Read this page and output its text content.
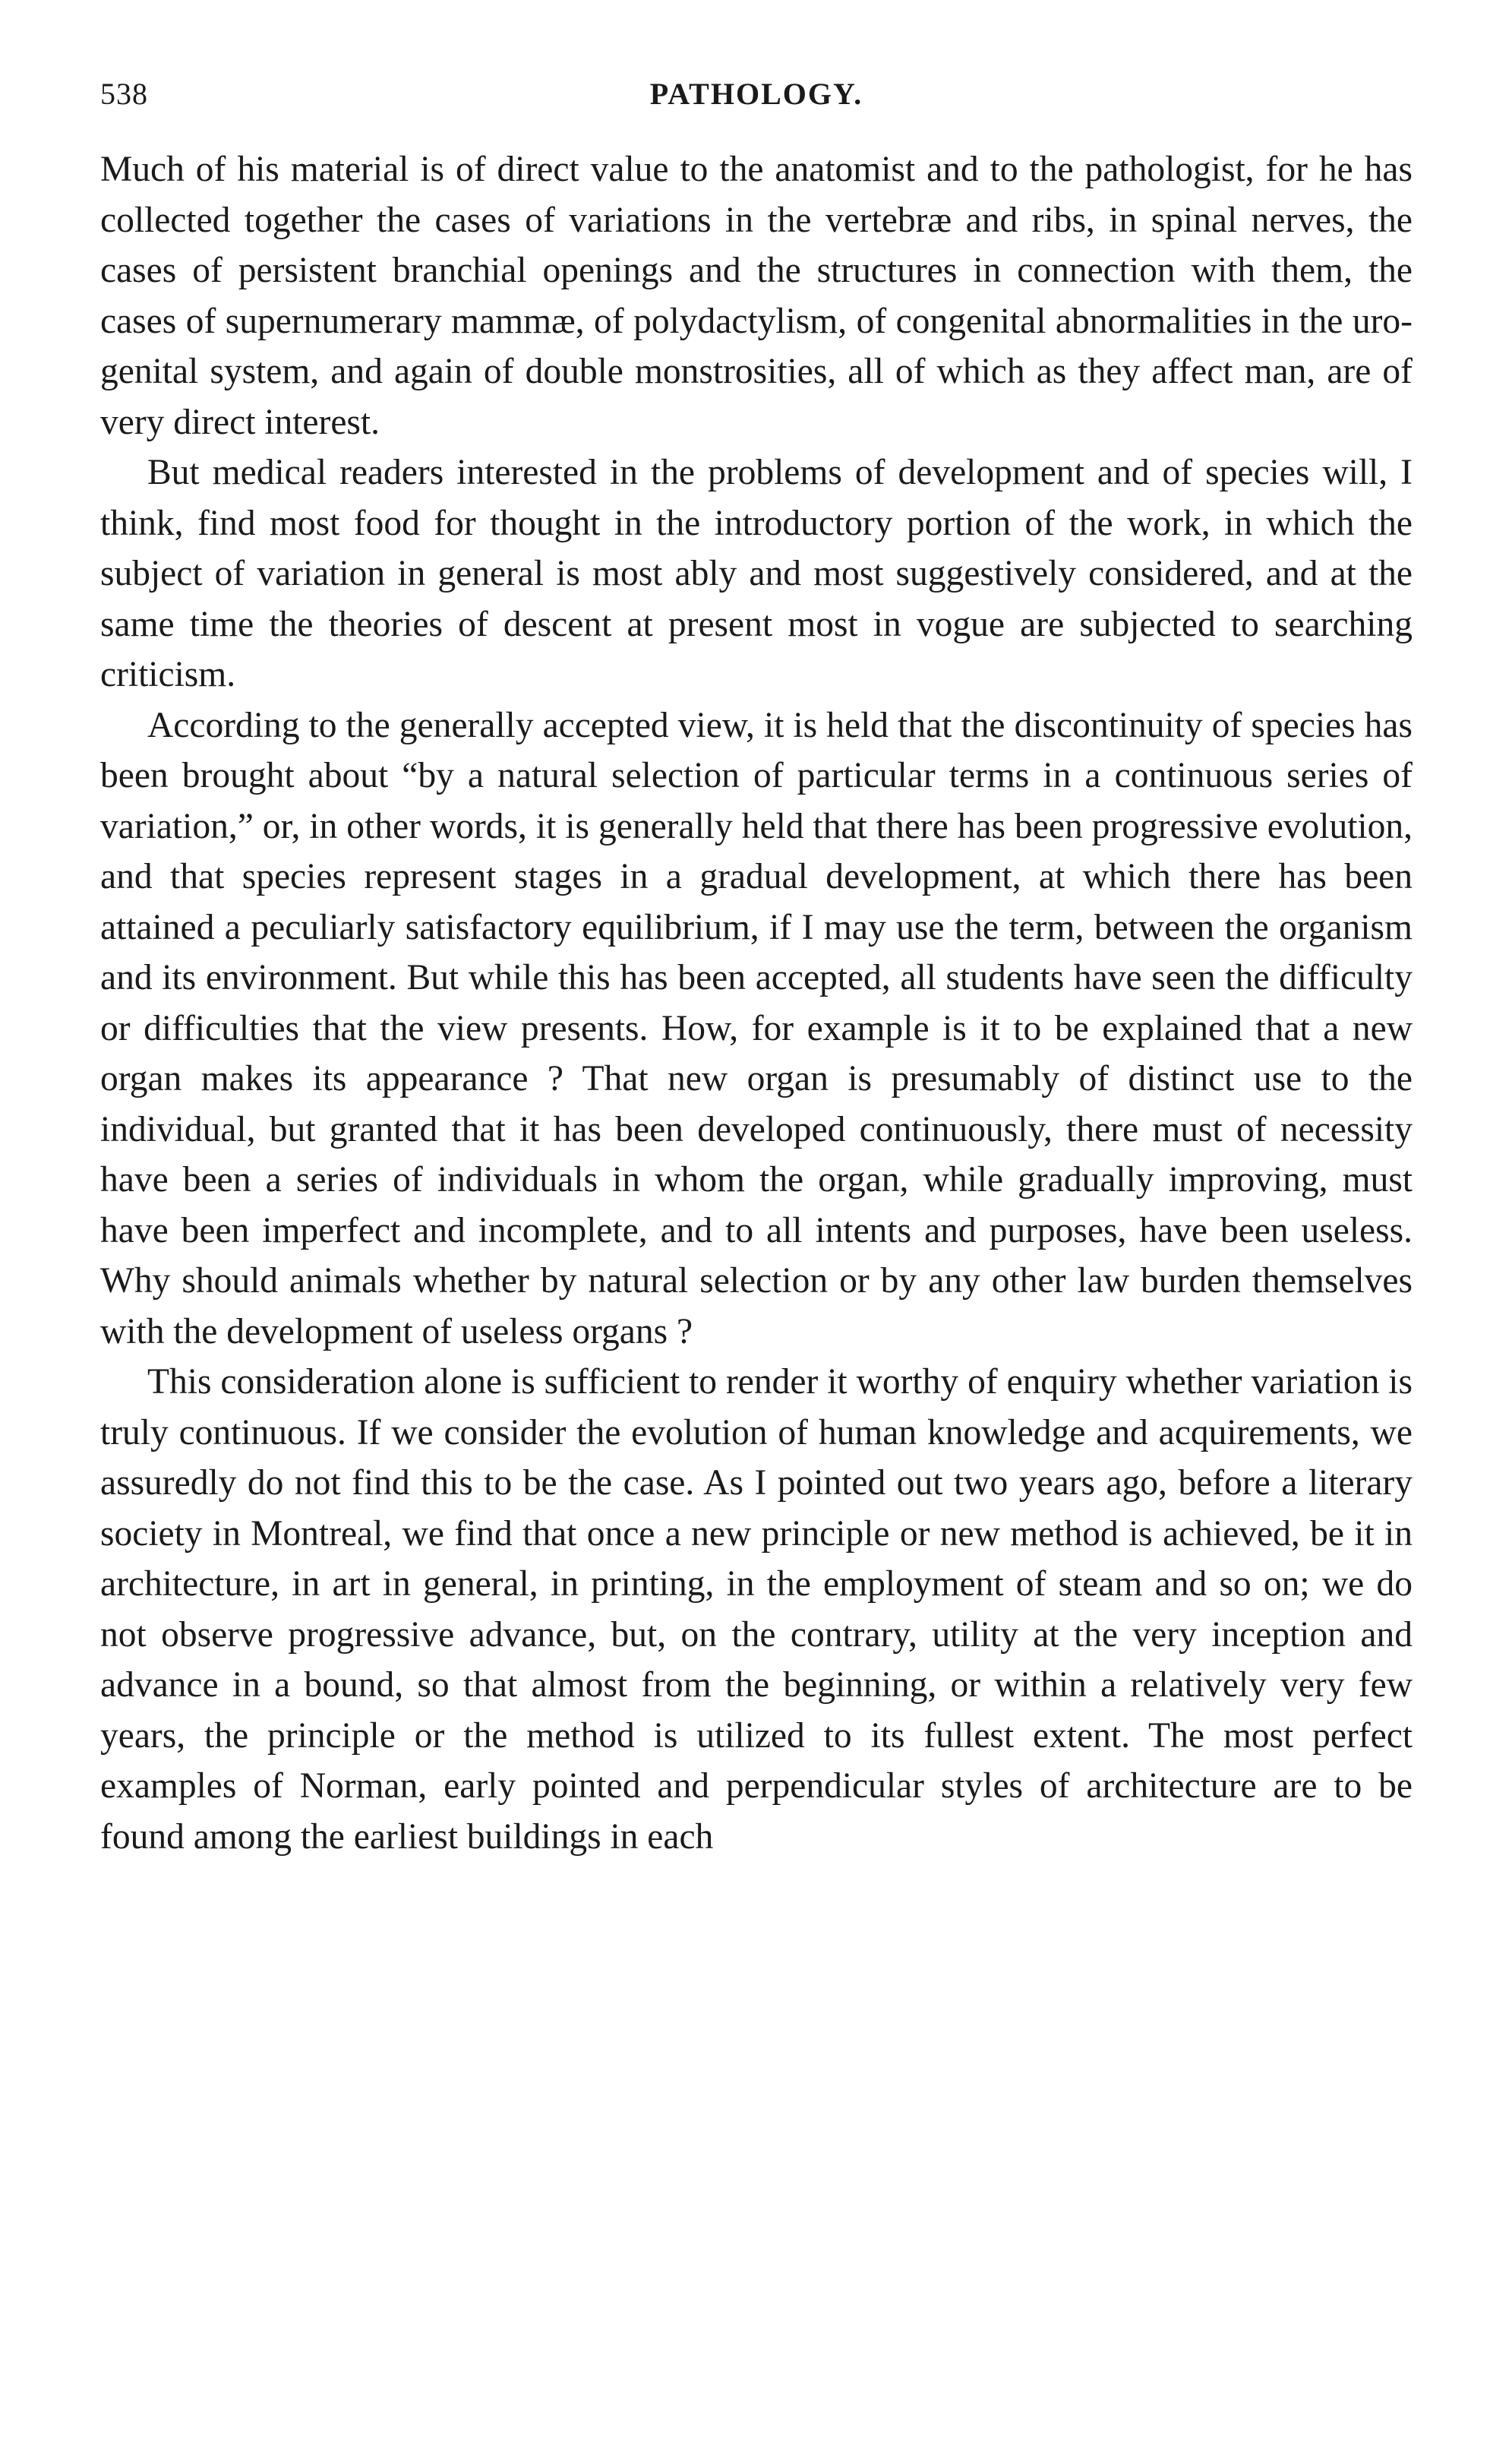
538	PATHOLOGY.

Much of his material is of direct value to the anatomist and to the pathologist, for he has collected together the cases of variations in the vertebræ and ribs, in spinal nerves, the cases of persistent branchial openings and the structures in connection with them, the cases of supernumerary mammæ, of polydactylism, of congenital abnormalities in the uro-genital system, and again of double monstrosities, all of which as they affect man, are of very direct interest.

But medical readers interested in the problems of development and of species will, I think, find most food for thought in the introductory portion of the work, in which the subject of variation in general is most ably and most suggestively considered, and at the same time the theories of descent at present most in vogue are subjected to searching criticism.

According to the generally accepted view, it is held that the discontinuity of species has been brought about “by a natural selection of particular terms in a continuous series of variation,” or, in other words, it is generally held that there has been progressive evolution, and that species represent stages in a gradual development, at which there has been attained a peculiarly satisfactory equilibrium, if I may use the term, between the organism and its environment. But while this has been accepted, all students have seen the difficulty or difficulties that the view presents. How, for example is it to be explained that a new organ makes its appearance ? That new organ is presumably of distinct use to the individual, but granted that it has been developed continuously, there must of necessity have been a series of individuals in whom the organ, while gradually improving, must have been imperfect and incomplete, and to all intents and purposes, have been useless. Why should animals whether by natural selection or by any other law burden themselves with the development of useless organs ?

This consideration alone is sufficient to render it worthy of enquiry whether variation is truly continuous. If we consider the evolution of human knowledge and acquirements, we assuredly do not find this to be the case. As I pointed out two years ago, before a literary society in Montreal, we find that once a new principle or new method is achieved, be it in architecture, in art in general, in printing, in the employment of steam and so on; we do not observe progressive advance, but, on the contrary, utility at the very inception and advance in a bound, so that almost from the beginning, or within a relatively very few years, the principle or the method is utilized to its fullest extent. The most perfect examples of Norman, early pointed and perpendicular styles of architecture are to be found among the earliest buildings in each
